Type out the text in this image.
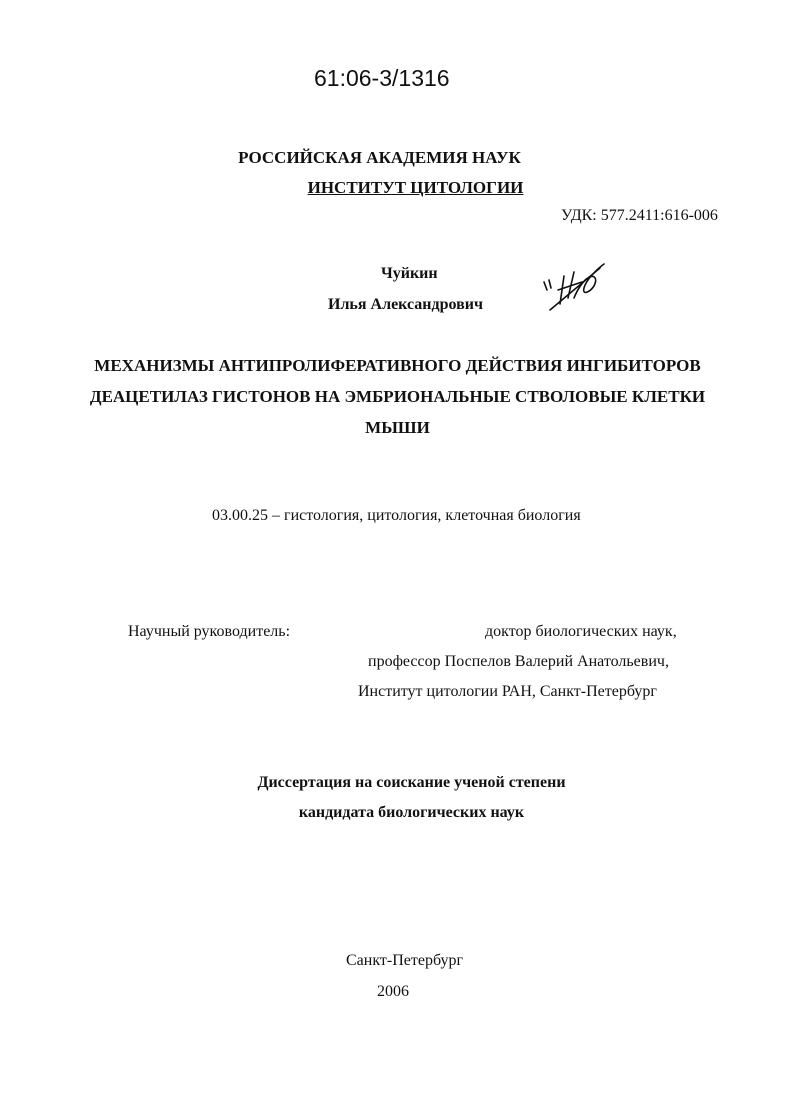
61:06-3/1316
РОССИЙСКАЯ АКАДЕМИЯ НАУК
ИНСТИТУТ ЦИТОЛОГИИ
УДК: 577.2411:616-006
Чуйкин
Илья Александрович
МЕХАНИЗМЫ АНТИПРОЛИФЕРАТИВНОГО ДЕЙСТВИЯ ИНГИБИТОРОВ
ДЕАЦЕТИЛАЗ ГИСТОНОВ НА ЭМБРИОНАЛЬНЫЕ СТВОЛОВЫЕ КЛЕТКИ
МЫШИ
03.00.25 – гистология, цитология, клеточная биология
Научный руководитель:	доктор биологических наук,
профессор Поспелов Валерий Анатольевич,
Институт цитологии РАН, Санкт-Петербург
Диссертация на соискание ученой степени
кандидата биологических наук
Санкт-Петербург
2006
